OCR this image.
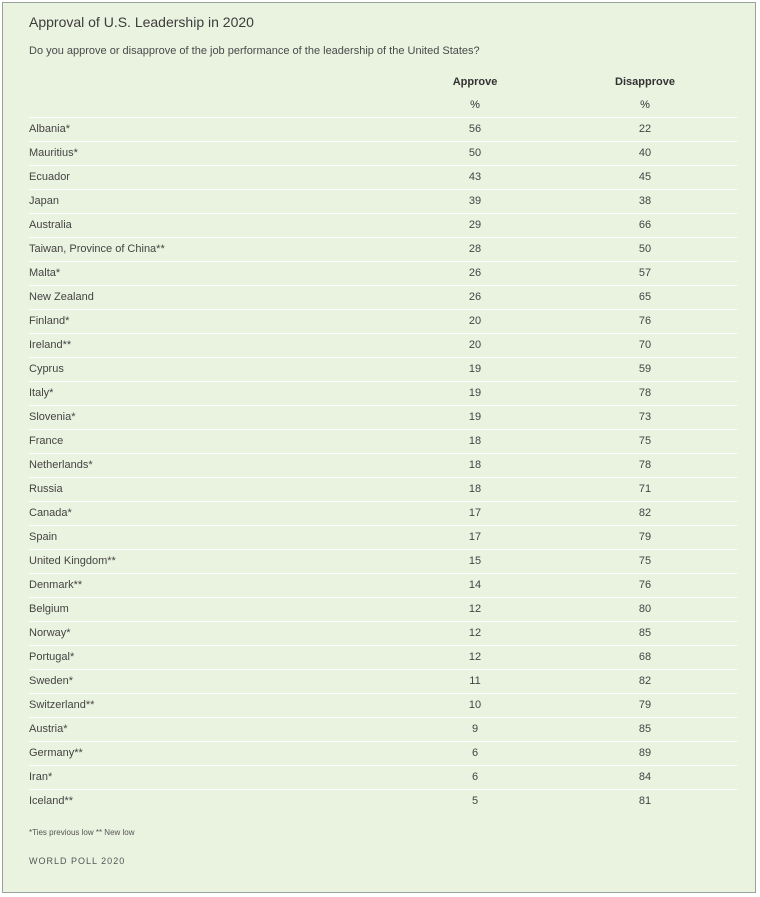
Approval of U.S. Leadership in 2020
Do you approve or disapprove of the job performance of the leadership of the United States?
Approve	Disapprove
%	%
Albania*	56	22
Mauritius*	50	40
Ecuador	43	45
Japan	39	38
Australia	29	66
Taiwan, Province of China**	28	50
Malta*	26	57
New Zealand	26	65
Finland*	20	76
Ireland**	20	70
Cyprus	19	59
Italy*	19	78
Slovenia*	19	73
France	18	75
Netherlands*	18	78
Russia	18	71
Canada*	17	82
Spain	17	79
United Kingdom**	15	75
Denmark**	14	76
Belgium	12	80
Norway*	12	85
Portugal*	12	68
Sweden*	11	82
Switzerland**	10	79
Austria*	9	85
Germany**	6	89
Iran*	6	84
Iceland**	5	81
*Ties previous low ** New low
WORLD POLL 2020
